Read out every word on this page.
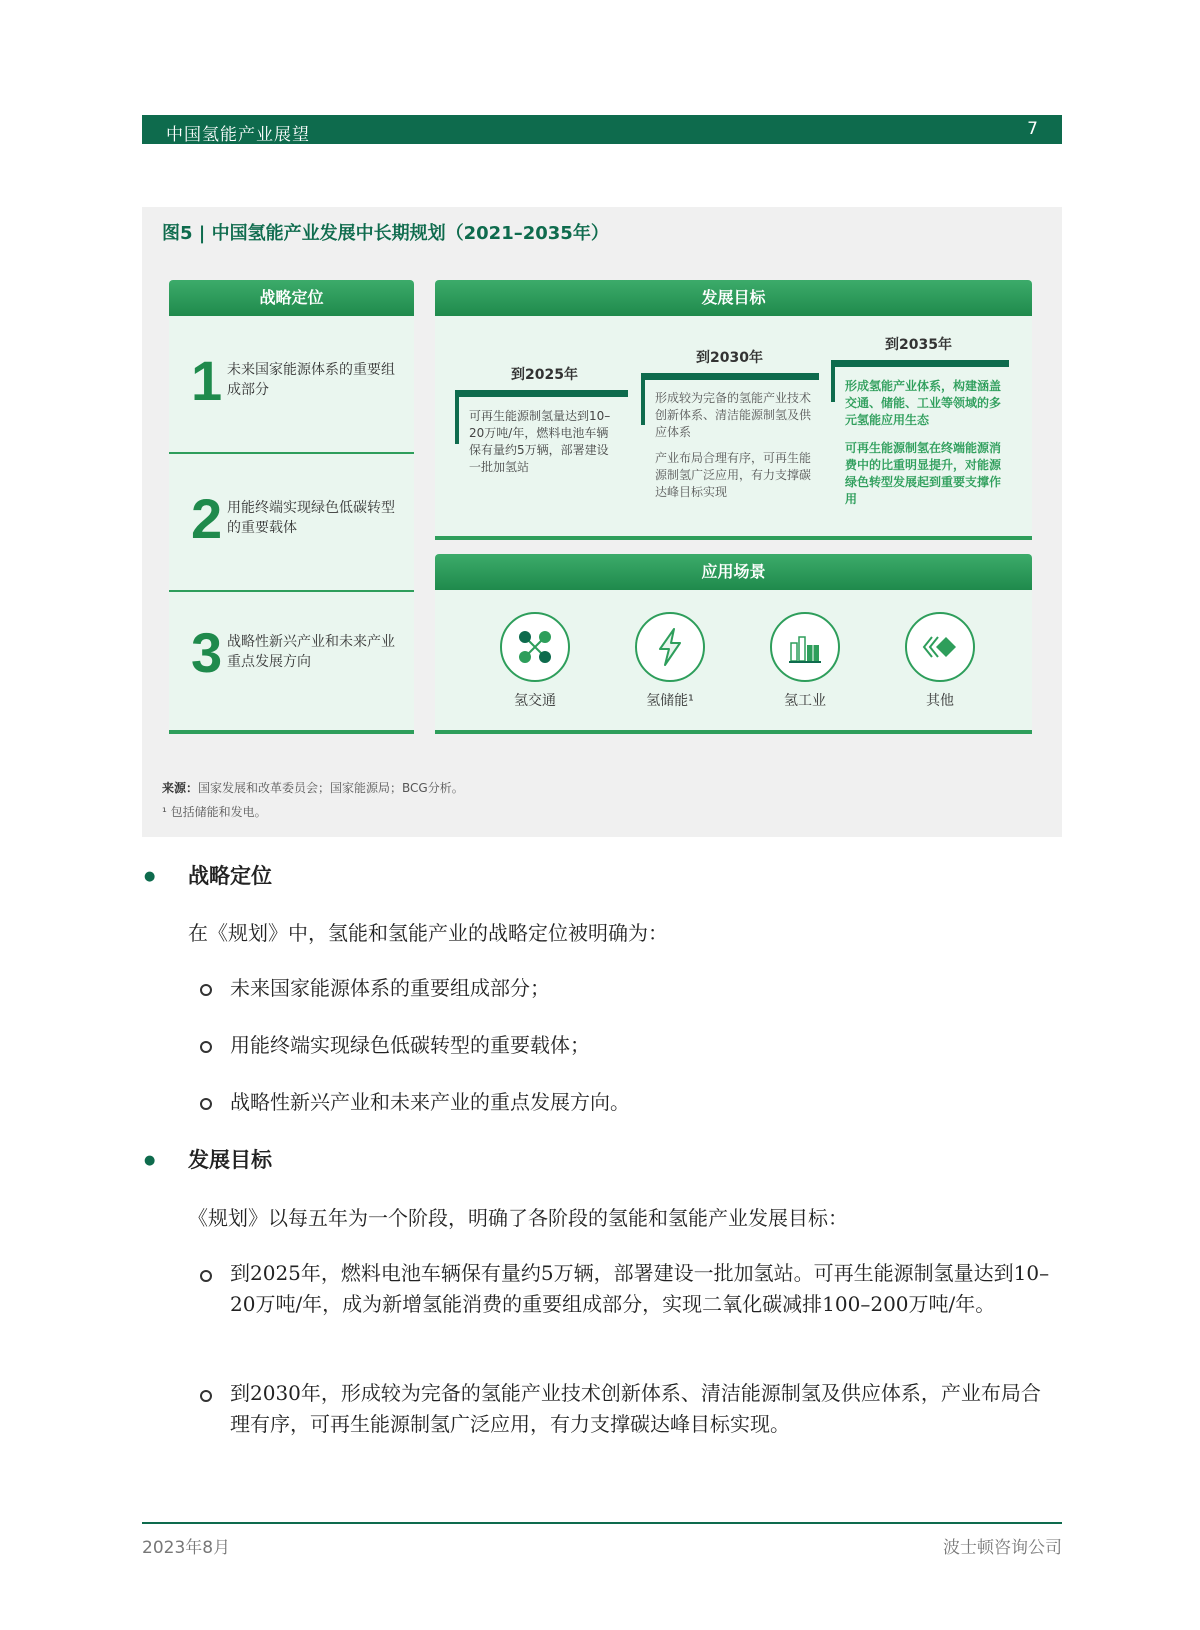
中国氢能产业展望	7
图5 | 中国氢能产业发展中长期规划（2021–2035年）
战略定位
1 未来国家能源体系的重要组成部分
2 用能终端实现绿色低碳转型的重要载体
3 战略性新兴产业和未来产业重点发展方向
发展目标
到2025年
可再生能源制氢量达到10–20万吨/年，燃料电池车辆保有量约5万辆，部署建设一批加氢站
到2030年
形成较为完备的氢能产业技术创新体系、清洁能源制氢及供应体系
产业布局合理有序，可再生能源制氢广泛应用，有力支撑碳达峰目标实现
到2035年
形成氢能产业体系，构建涵盖交通、储能、工业等领域的多元氢能应用生态
可再生能源制氢在终端能源消费中的比重明显提升，对能源绿色转型发展起到重要支撑作用
应用场景
氢交通	氢储能¹	氢工业	其他
来源：国家发展和改革委员会；国家能源局；BCG分析。
¹ 包括储能和发电。
● 战略定位
在《规划》中，氢能和氢能产业的战略定位被明确为：
未来国家能源体系的重要组成部分；
用能终端实现绿色低碳转型的重要载体；
战略性新兴产业和未来产业的重点发展方向。
● 发展目标
《规划》以每五年为一个阶段，明确了各阶段的氢能和氢能产业发展目标：
到2025年，燃料电池车辆保有量约5万辆，部署建设一批加氢站。可再生能源制氢量达到10–20万吨/年，成为新增氢能消费的重要组成部分，实现二氧化碳减排100–200万吨/年。
到2030年，形成较为完备的氢能产业技术创新体系、清洁能源制氢及供应体系，产业布局合理有序，可再生能源制氢广泛应用，有力支撑碳达峰目标实现。
2023年8月	波士顿咨询公司
